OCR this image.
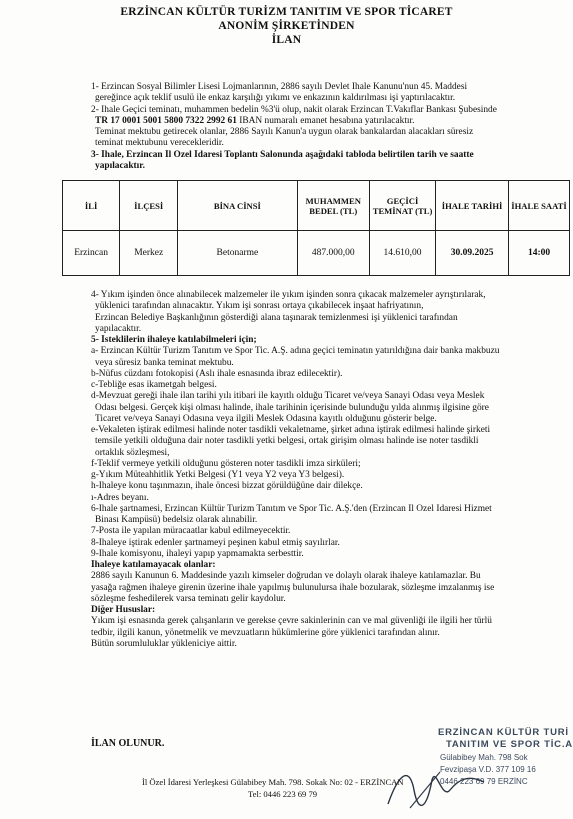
ERZİNCAN KÜLTÜR TURİZM TANITIM VE SPOR TİCARET
ANONİM ŞİRKETİNDEN
İLAN
1- Erzincan Sosyal Bilimler Lisesi Lojmanlarının, 2886 sayılı Devlet İhale Kanunu'nun 45. Maddesi
gereğince açık teklif usulü ile enkaz karşılığı yıkımı ve enkazının kaldırılması işi yaptırılacaktır.
2- İhale Geçici teminatı, muhammen bedelin %3'ü olup, nakit olarak Erzincan T.Vakıflar Bankası Şubesinde
TR 17 0001 5001 5800 7322 2992 61 IBAN numaralı emanet hesabına yatırılacaktır.
Teminat mektubu getirecek olanlar, 2886 Sayılı Kanun'a uygun olarak bankalardan alacakları süresiz
teminat mektubunu verecekleridir.
3- İhale, Erzincan İl Özel İdaresi Toplantı Salonunda aşağıdaki tabloda belirtilen tarih ve saatte
yapılacaktır.
İLİ	İLÇESİ	BİNA CİNSİ	MUHAMMEN BEDEL (TL)	GEÇİCİ TEMİNAT (TL)	İHALE TARİHİ	İHALE SAATİ
Erzincan	Merkez	Betonarme	487.000,00	14.610,00	30.09.2025	14:00
4- Yıkım işinden önce alınabilecek malzemeler ile yıkım işinden sonra çıkacak malzemeler ayrıştırılarak,
yüklenici tarafından alınacaktır. Yıkım işi sonrası ortaya çıkabilecek inşaat hafriyatının,
Erzincan Belediye Başkanlığının gösterdiği alana taşınarak temizlenmesi işi yüklenici tarafından
yapılacaktır.
5- İsteklilerin ihaleye katılabilmeleri için;
a- Erzincan Kültür Turizm Tanıtım ve Spor Tic. A.Ş. adına geçici teminatın yatırıldığına dair banka makbuzu
veya süresiz banka teminat mektubu.
b-Nüfus cüzdanı fotokopisi (Aslı ihale esnasında ibraz edilecektir).
c-Tebliğe esas ikametgah belgesi.
d-Mevzuat gereği ihale ilan tarihi yılı itibari ile kayıtlı olduğu Ticaret ve/veya Sanayi Odası veya Meslek
Odası belgesi. Gerçek kişi olması halinde, ihale tarihinin içerisinde bulunduğu yılda alınmış ilgisine göre
Ticaret ve/veya Sanayi Odasına veya ilgili Meslek Odasına kayıtlı olduğunu gösterir belge.
e-Vekaleten iştirak edilmesi halinde noter tasdikli vekaletname, şirket adına iştirak edilmesi halinde şirketi
temsile yetkili olduğuna dair noter tasdikli yetki belgesi, ortak girişim olması halinde ise noter tasdikli
ortaklık sözleşmesi,
f-Teklif vermeye yetkili olduğunu gösteren noter tasdikli imza sirküleri;
g-Yıkım Müteahhitlik Yetki Belgesi (Y1 veya Y2 veya Y3 belgesi).
h-İhaleye konu taşınmazın, ihale öncesi bizzat görüldüğüne dair dilekçe.
ı-Adres beyanı.
6-İhale şartnamesi, Erzincan Kültür Turizm Tanıtım ve Spor Tic. A.Ş.'den (Erzincan İl Özel İdaresi Hizmet
Binası Kampüsü) bedelsiz olarak alınabilir.
7-Posta ile yapılan müracaatlar kabul edilmeyecektir.
8-İhaleye iştirak edenler şartnameyi peşinen kabul etmiş sayılırlar.
9-İhale komisyonu, ihaleyi yapıp yapmamakta serbesttir.
İhaleye katılamayacak olanlar:
2886 sayılı Kanunun 6. Maddesinde yazılı kimseler doğrudan ve dolaylı olarak ihaleye katılamazlar. Bu
yasağa rağmen ihaleye girenin üzerine ihale yapılmış bulunulursa ihale bozularak, sözleşme imzalanmış ise
sözleşme feshedilerek varsa teminatı gelir kaydolur.
Diğer Hususlar:
Yıkım işi esnasında gerek çalışanların ve gerekse çevre sakinlerinin can ve mal güvenliği ile ilgili her türlü
tedbir, ilgili kanun, yönetmelik ve mevzuatların hükümlerine göre yüklenici tarafından alınır.
Bütün sorumluluklar yükleniciye aittir.
İLAN OLUNUR.
ERZİNCAN KÜLTÜR TURİ
TANITIM VE SPOR TİC.A
Gülabibey Mah. 798 Sok
Fevzipaşa V.D. 377 109 16
0446 223 69 79 ERZİNC
İl Özel İdaresi Yerleşkesi Gülabibey Mah. 798. Sokak No: 02 - ERZİNCAN
Tel: 0446 223 69 79
